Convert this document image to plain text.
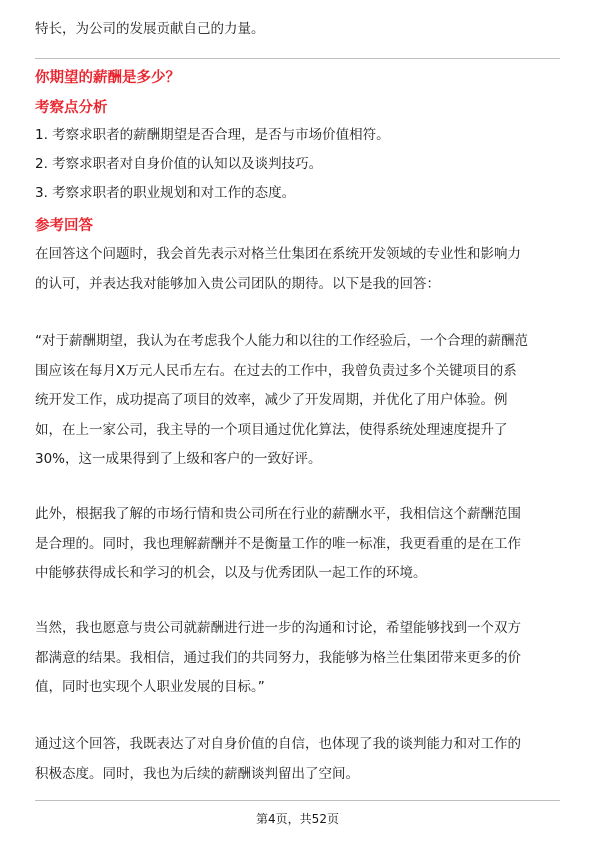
特长，为公司的发展贡献自己的力量。
你期望的薪酬是多少？
考察点分析
1. 考察求职者的薪酬期望是否合理，是否与市场价值相符。
2. 考察求职者对自身价值的认知以及谈判技巧。
3. 考察求职者的职业规划和对工作的态度。
参考回答
在回答这个问题时，我会首先表示对格兰仕集团在系统开发领域的专业性和影响力
的认可，并表达我对能够加入贵公司团队的期待。以下是我的回答：
“对于薪酬期望，我认为在考虑我个人能力和以往的工作经验后，一个合理的薪酬范
围应该在每月X万元人民币左右。在过去的工作中，我曾负责过多个关键项目的系
统开发工作，成功提高了项目的效率，减少了开发周期，并优化了用户体验。例
如，在上一家公司，我主导的一个项目通过优化算法，使得系统处理速度提升了
30%，这一成果得到了上级和客户的一致好评。
此外，根据我了解的市场行情和贵公司所在行业的薪酬水平，我相信这个薪酬范围
是合理的。同时，我也理解薪酬并不是衡量工作的唯一标准，我更看重的是在工作
中能够获得成长和学习的机会，以及与优秀团队一起工作的环境。
当然，我也愿意与贵公司就薪酬进行进一步的沟通和讨论，希望能够找到一个双方
都满意的结果。我相信，通过我们的共同努力，我能够为格兰仕集团带来更多的价
值，同时也实现个人职业发展的目标。”
通过这个回答，我既表达了对自身价值的自信，也体现了我的谈判能力和对工作的
积极态度。同时，我也为后续的薪酬谈判留出了空间。
第4页，共52页
